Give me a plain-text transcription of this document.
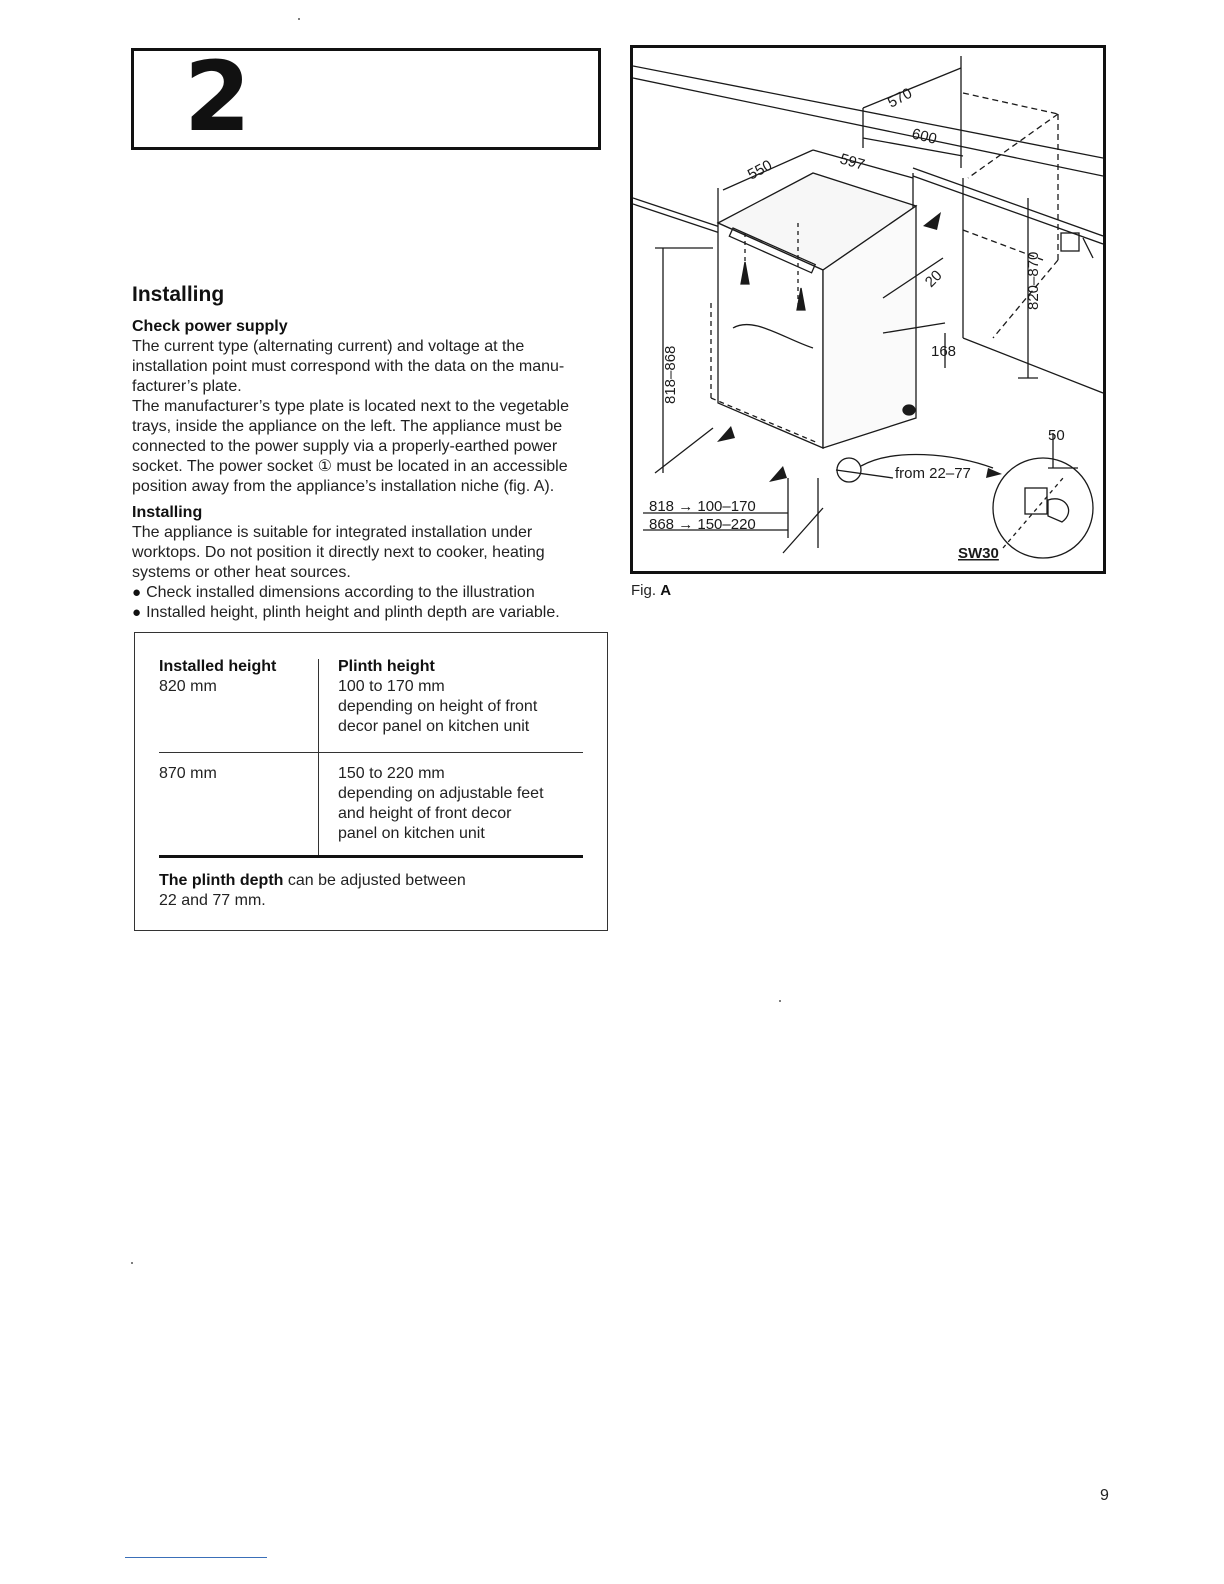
2
Installing

Check power supply

The current type (alternating current) and voltage at the

installation point must correspond with the data on the manu-

facturer’s plate.

The manufacturer’s type plate is located next to the vegetable

trays, inside the appliance on the left. The appliance must be

connected to the power supply via a properly-earthed power

socket. The power socket ① must be located in an accessible

position away from the appliance’s installation niche (fig. A).

Installing

The appliance is suitable for integrated installation under

worktops. Do not position it directly next to cooker, heating

systems or other heat sources.

● Check installed dimensions according to the illustration

● Installed height, plinth height and plinth depth are variable.

Installed height
820 mm
Plinth height
100 to 170 mm
depending on height of front
decor panel on kitchen unit
870 mm	150 to 220 mm
depending on adjustable feet
and height of front decor
panel on kitchen unit
The plinth depth can be adjusted between
22 and 77 mm.
570
600
550	597
20
168
818–868
820–870
50
from 22–77
SW30
818 → 100–170
868 → 150–220
Fig. A
9
